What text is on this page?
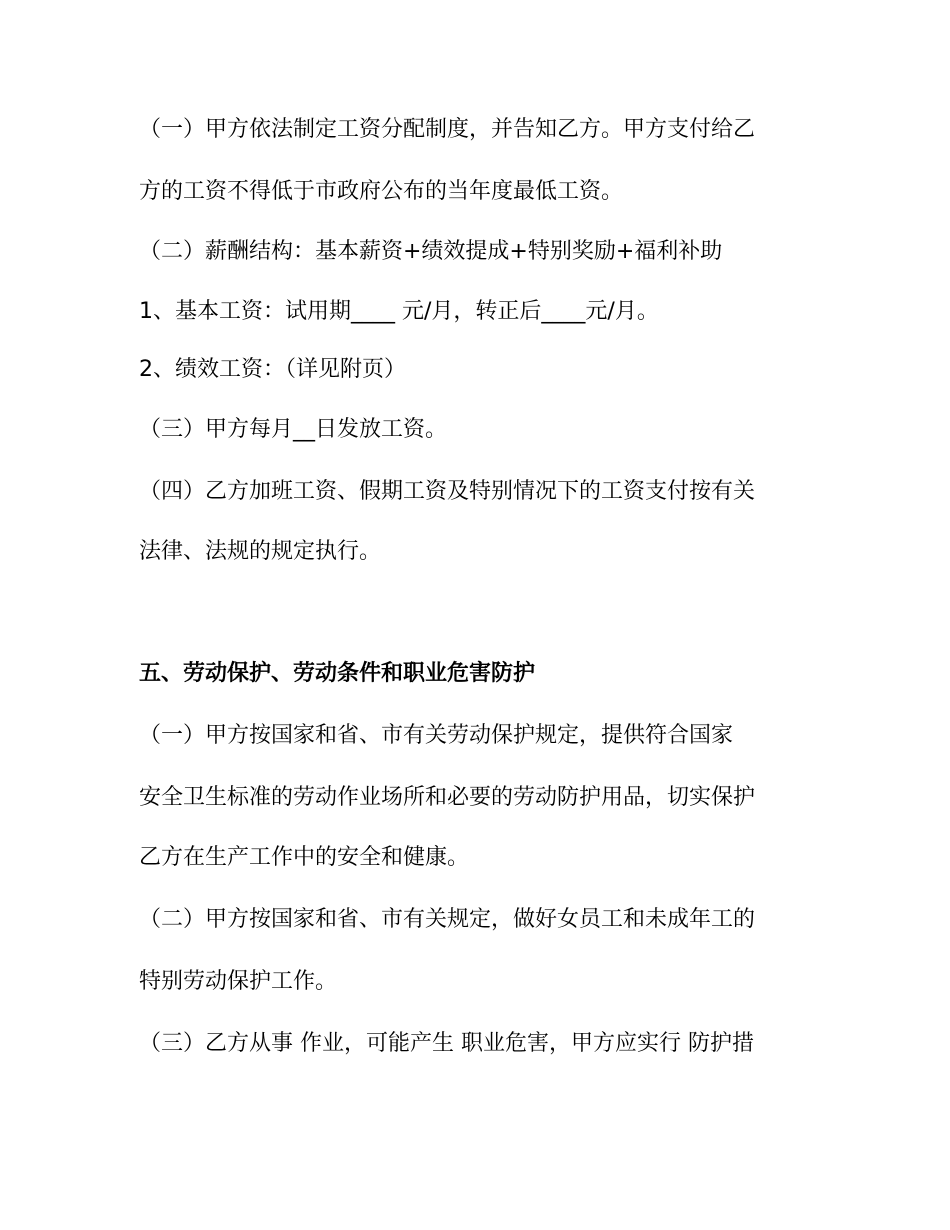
（一）甲方依法制定工资分配制度，并告知乙方。甲方支付给乙

方的工资不得低于市政府公布的当年度最低工资。

（二）薪酬结构：基本薪资+绩效提成+特别奖励+福利补助

1、基本工资：试用期____ 元/月，转正后____元/月。

2、绩效工资：（详见附页）

（三）甲方每月__日发放工资。

（四）乙方加班工资、假期工资及特别情况下的工资支付按有关

法律、法规的规定执行。

五、劳动保护、劳动条件和职业危害防护

（一）甲方按国家和省、市有关劳动保护规定，提供符合国家

安全卫生标准的劳动作业场所和必要的劳动防护用品，切实保护

乙方在生产工作中的安全和健康。

（二）甲方按国家和省、市有关规定，做好女员工和未成年工的

特别劳动保护工作。

（三）乙方从事 作业，可能产生 职业危害，甲方应实行 防护措
